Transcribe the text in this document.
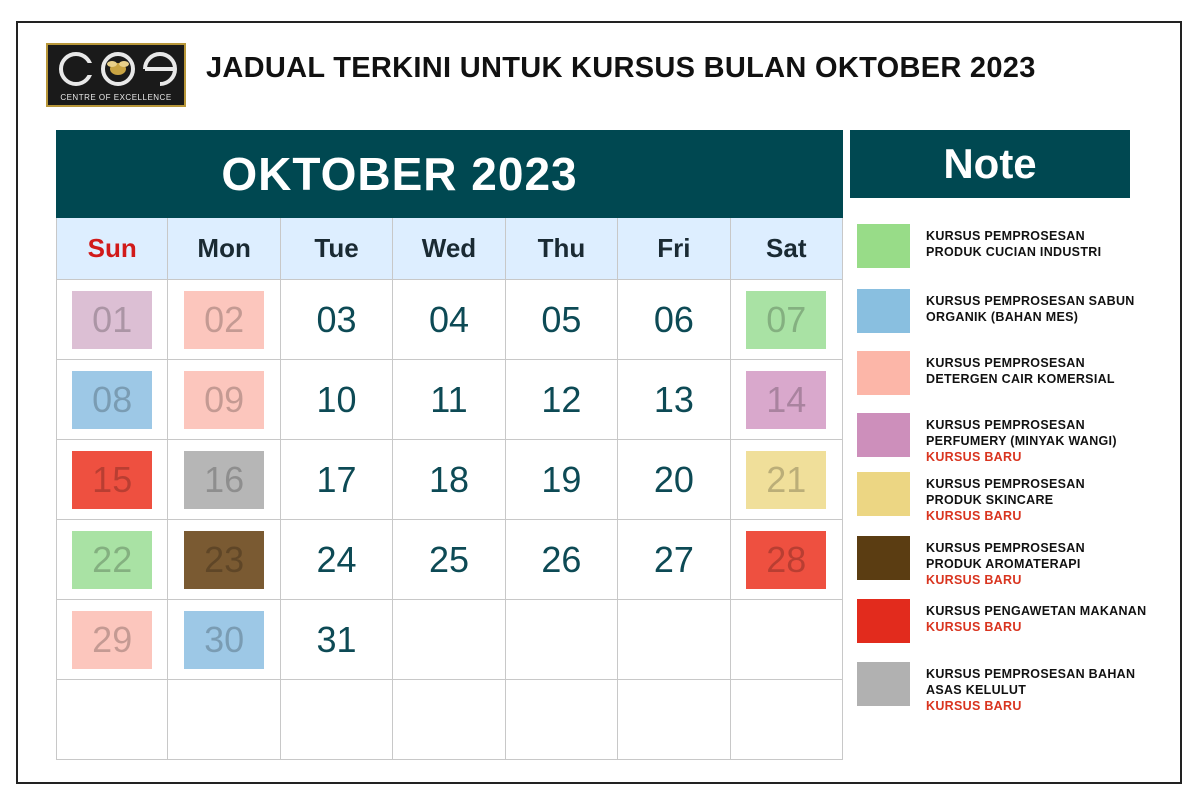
CENTRE OF EXCELLENCE
JADUAL TERKINI UNTUK KURSUS BULAN OKTOBER 2023
OKTOBER 2023
Sun	Mon	Tue	Wed	Thu	Fri	Sat
01	02	03	04	05	06	07
08	09	10	11	12	13	14
15	16	17	18	19	20	21
22	23	24	25	26	27	28
29	30	31
Note
KURSUS PEMPROSESAN
PRODUK CUCIAN INDUSTRI
KURSUS PEMPROSESAN SABUN
ORGANIK (BAHAN MES)
KURSUS PEMPROSESAN
DETERGEN CAIR KOMERSIAL
KURSUS PEMPROSESAN
PERFUMERY (MINYAK WANGI)
KURSUS BARU
KURSUS PEMPROSESAN
PRODUK SKINCARE
KURSUS BARU
KURSUS PEMPROSESAN
PRODUK AROMATERAPI
KURSUS BARU
KURSUS PENGAWETAN MAKANAN
KURSUS BARU
KURSUS PEMPROSESAN BAHAN
ASAS KELULUT
KURSUS BARU
